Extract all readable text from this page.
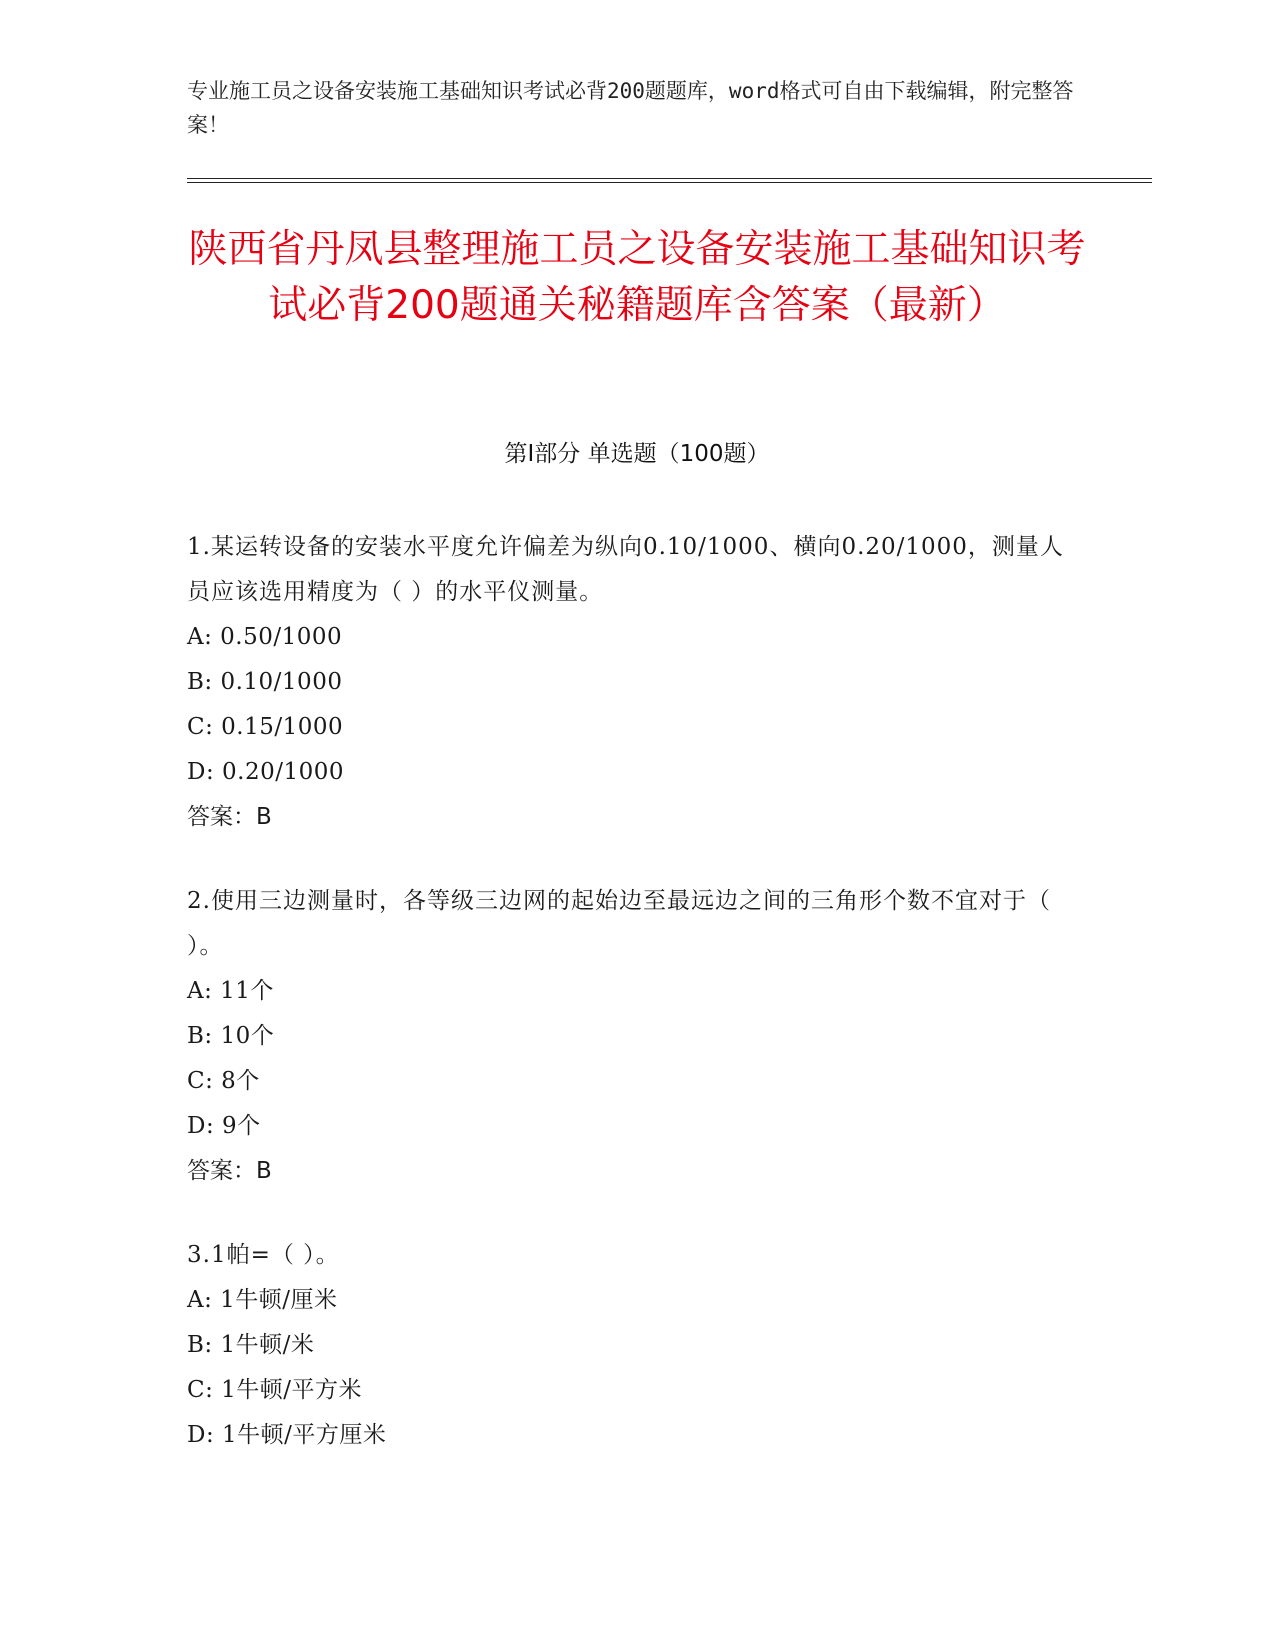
专业施工员之设备安装施工基础知识考试必背200题题库，word格式可自由下载编辑，附完整答案！
陕西省丹凤县整理施工员之设备安装施工基础知识考试必背200题通关秘籍题库含答案（最新）
第Ⅰ部分 单选题（100题）
1.某运转设备的安装水平度允许偏差为纵向0.10/1000、横向0.20/1000，测量人员应该选用精度为（ ）的水平仪测量。
A: 0.50/1000
B: 0.10/1000
C: 0.15/1000
D: 0.20/1000
答案：B
2.使用三边测量时，各等级三边网的起始边至最远边之间的三角形个数不宜对于（ ）。
A: 11个
B: 10个
C: 8个
D: 9个
答案：B
3.1帕=（ ）。
A: 1牛顿/厘米
B: 1牛顿/米
C: 1牛顿/平方米
D: 1牛顿/平方厘米
